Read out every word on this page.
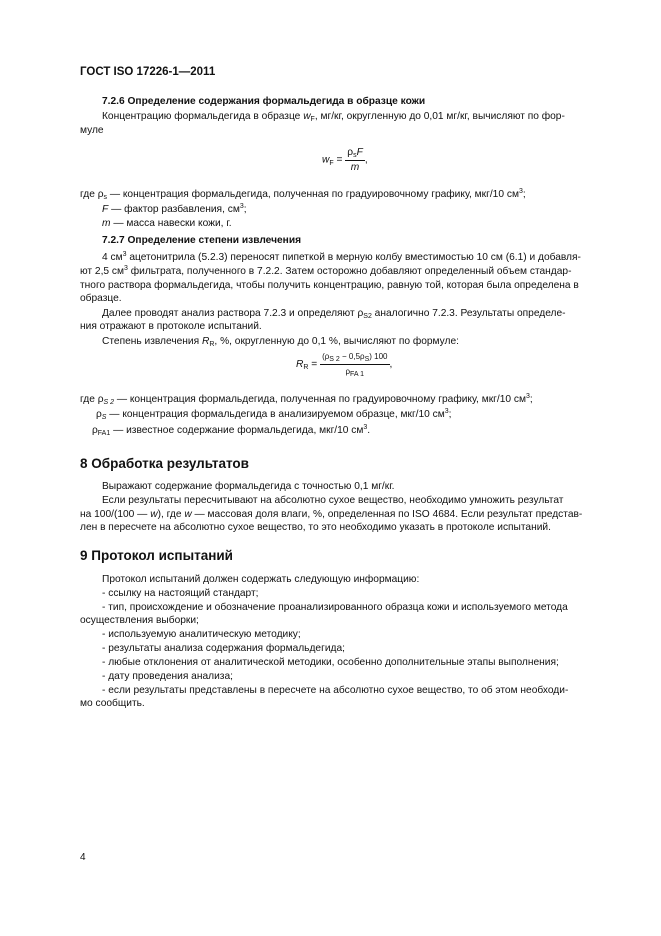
ГОСТ ISO 17226-1—2011
7.2.6 Определение содержания формальдегида в образце кожи
Концентрацию формальдегида в образце wF, мг/кг, округленную до 0,01 мг/кг, вычисляют по фор-
муле
wF = $\frac{\text{ρsF}}{m}$ ,
где ρs — концентрация формальдегида, полученная по градуировочному графику, мкг/10 $см^3$;
F — фактор разбавления, $см^3$;
m — масса навески кожи, г.
7.2.7 Определение степени извлечения
4 $см^3$ ацетонитрила (5.2.3) переносят пипеткой в мерную колбу вместимостью 10 см (6.1) и добавля-
ют 2,5 $см^3$ фильтрата, полученного в 7.2.2. Затем осторожно добавляют определенный объем стандар-
тного раствора формальдегида, чтобы получить концентрацию, равную той, которая была определена в
образце.
Далее проводят анализ раствора 7.2.3 и определяют ρS2 аналогично 7.2.3. Результаты определе-
ния отражают в протоколе испытаний.
Степень извлечения RR, %, округленную до 0,1 %, вычисляют по формуле:
RR = $\frac{(\rho S 2 - 0,5\rho S) 100}{\text{ρFA 1}}$ ,
где ρS 2 — концентрация формальдегида, полученная по градуировочному графику, мкг/10 $см^3$;
ρS — концентрация формальдегида в анализируемом образце, мкг/10 $см^3$;
ρFA1 — известное содержание формальдегида, мкг/10 $см^3$.
8 Обработка результатов
Выражают содержание формальдегида с точностью 0,1 мг/кг.
Если результаты пересчитывают на абсолютно сухое вещество, необходимо умножить результат
на 100/(100 — w), где w — массовая доля влаги, %, определенная по ISO 4684. Если результат представ-
лен в пересчете на абсолютно сухое вещество, то это необходимо указать в протоколе испытаний.
9 Протокол испытаний
Протокол испытаний должен содержать следующую информацию:
- ссылку на настоящий стандарт;
- тип, происхождение и обозначение проанализированного образца кожи и используемого метода
осуществления выборки;
- используемую аналитическую методику;
- результаты анализа содержания формальдегида;
- любые отклонения от аналитической методики, особенно дополнительные этапы выполнения;
- дату проведения анализа;
- если результаты представлены в пересчете на абсолютно сухое вещество, то об этом необходи-
мо сообщить.
4
